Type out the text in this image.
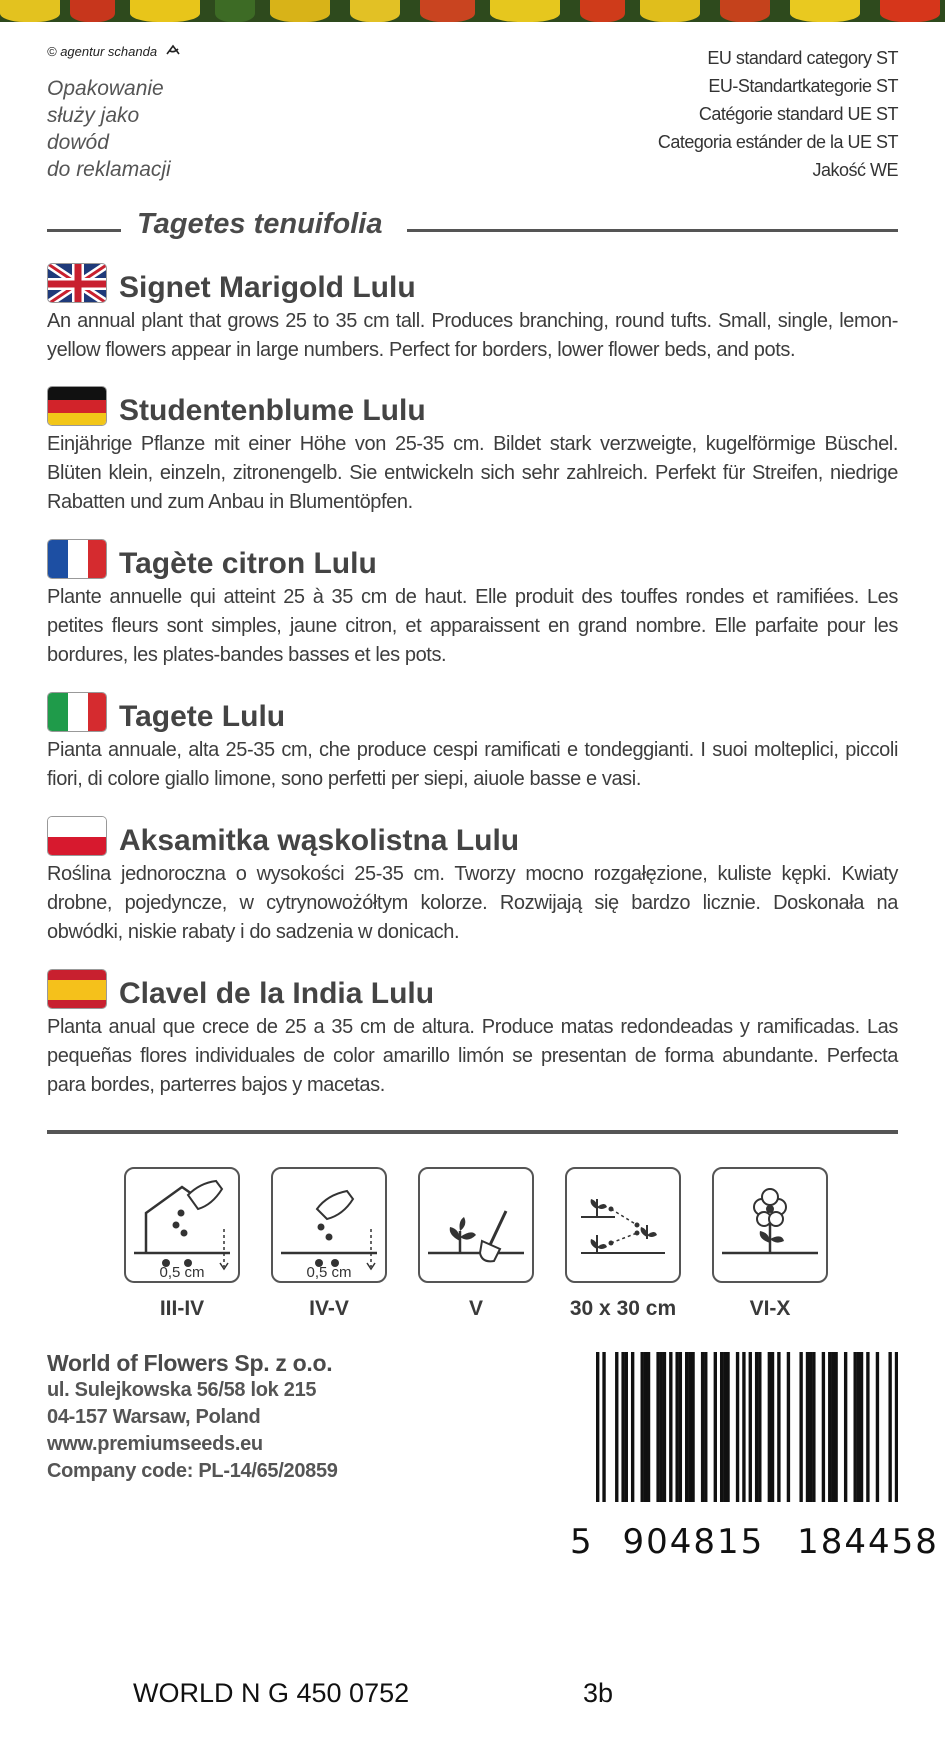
© agentur schanda
Opakowanie
służy jako
dowód
do reklamacji
EU standard category ST
EU-Standartkategorie ST
Catégorie standard UE ST
Categoria estánder de la UE ST
Jakość WE
Tagetes tenuifolia
Signet Marigold Lulu
An annual plant that grows 25 to 35 cm tall. Produces branching, round tufts. Small, single, lemon-yellow flowers appear in large numbers. Perfect for borders, lower flower beds, and pots.
Studentenblume Lulu
Einjährige Pflanze mit einer Höhe von 25-35 cm. Bildet stark verzweigte, kugelförmige Büschel. Blüten klein, einzeln, zitronengelb. Sie entwickeln sich sehr zahlreich. Perfekt für Streifen, niedrige Rabatten und zum Anbau in Blumentöpfen.
Tagète citron Lulu
Plante annuelle qui atteint 25 à 35 cm de haut. Elle produit des touffes rondes et ramifiées. Les petites fleurs sont simples, jaune citron, et apparaissent en grand nombre. Elle parfaite pour les bordures, les plates-bandes basses et les pots.
Tagete Lulu
Pianta annuale, alta 25-35 cm, che produce cespi ramificati e tondeggianti. I suoi molteplici, piccoli fiori, di colore giallo limone, sono perfetti per siepi, aiuole basse e vasi.
Aksamitka wąskolistna Lulu
Roślina jednoroczna o wysokości 25-35 cm. Tworzy mocno rozgałęzione, kuliste kępki. Kwiaty drobne, pojedyncze, w cytrynowożółtym kolorze. Rozwijają się bardzo licznie. Doskonała na obwódki, niskie rabaty i do sadzenia w donicach.
Clavel de la India Lulu
Planta anual que crece de 25 a 35 cm de altura. Produce matas redondeadas y ramificadas. Las pequeñas flores individuales de color amarillo limón se presentan de forma abundante. Perfecta para bordes, parterres bajos y macetas.
0,5 cm
III-IV
0,5 cm
IV-V	V	30 x 30 cm	VI-X
World of Flowers Sp. z o.o.
ul. Sulejkowska 56/58 lok 215
04-157 Warsaw, Poland
www.premiumseeds.eu
Company code: PL-14/65/20859
5 904815 184458
WORLD N G 450 0752	3b
